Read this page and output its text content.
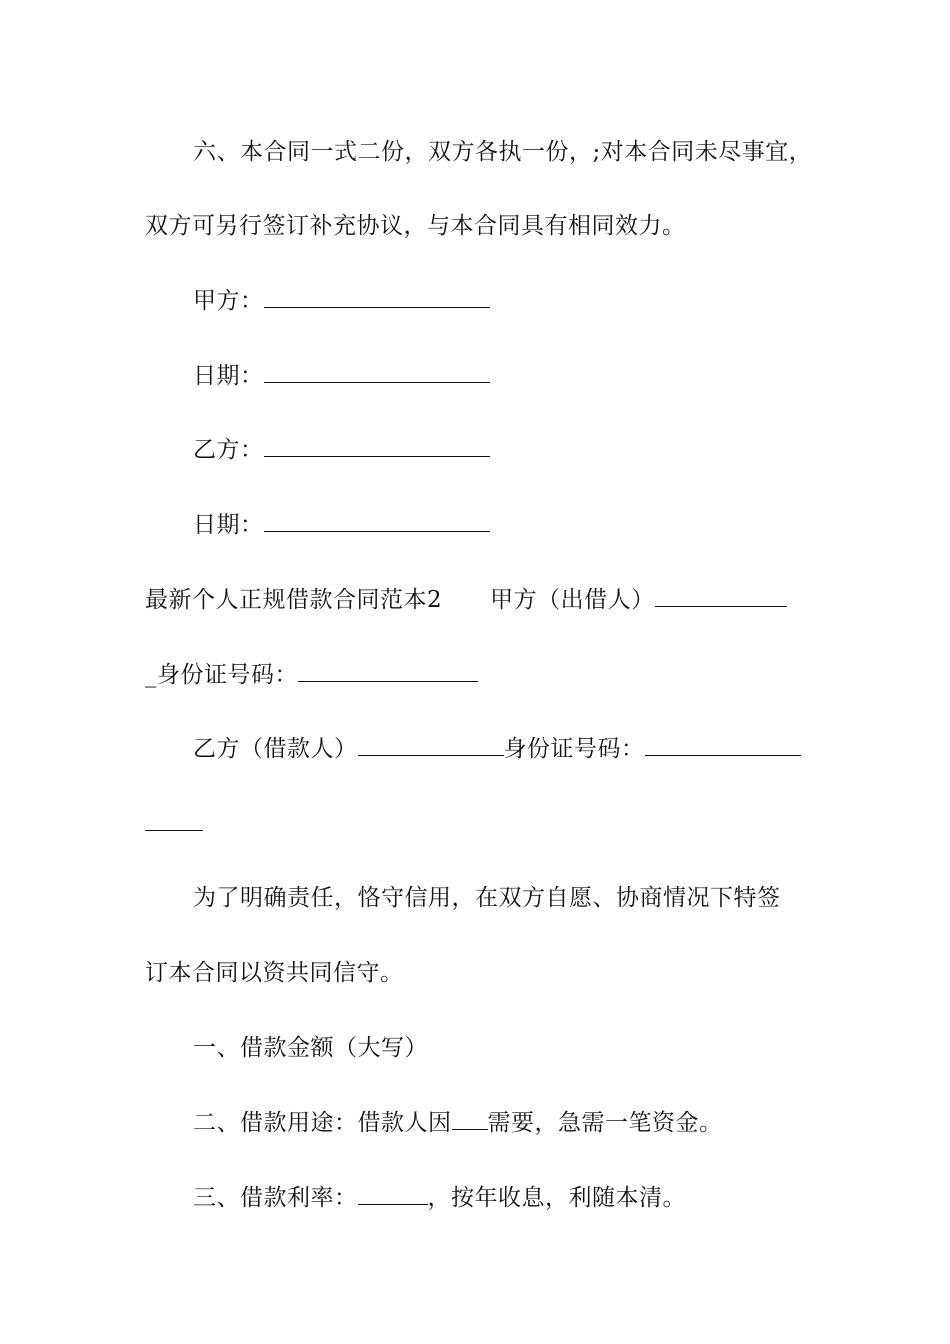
六、本合同一式二份，双方各执一份，;对本合同未尽事宜，
双方可另行签订补充协议，与本合同具有相同效力。
甲方：
日期：
乙方：
日期：
最新个人正规借款合同范本2 甲方（出借人）
_身份证号码：
乙方（借款人）	身份证号码：
为了明确责任，恪守信用，在双方自愿、协商情况下特签
订本合同以资共同信守。
一、借款金额（大写）
二、借款用途：借款人因 需要，急需一笔资金。
三、借款利率：	，按年收息，利随本清。
